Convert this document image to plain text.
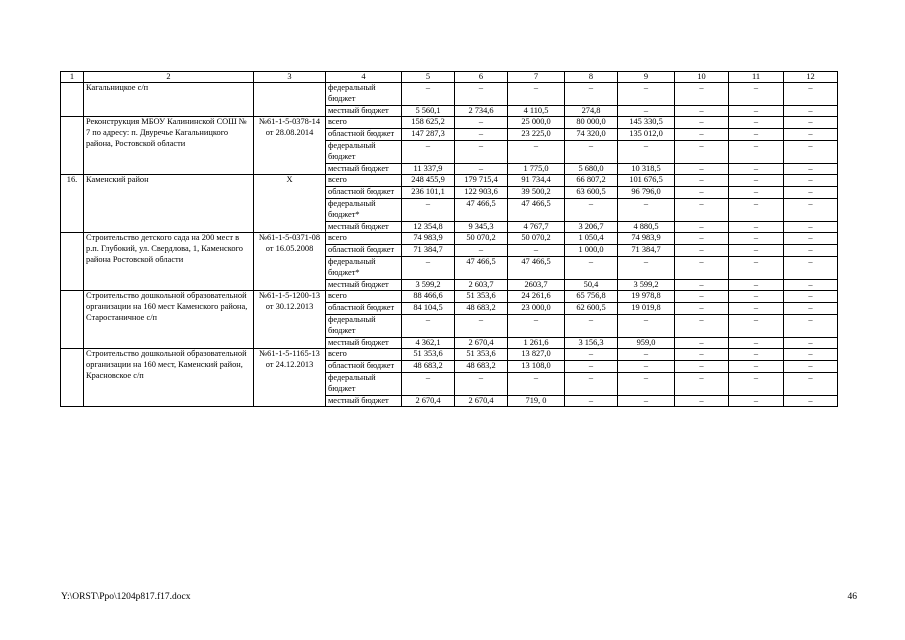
1	2	3	4	5	6	7	8	9	10	11	12
	Кагальницкое с/п		федеральный бюджет	–	–	–	–	–	–	–	–
			местный бюджет	5 560,1	2 734,6	4 110,5	274,8	–	–	–	–
	Реконструкция МБОУ Калининской СОШ № 7 по адресу: п. Двуречье Кагальницкого района, Ростовской области	№61-1-5-0378-14 от 28.08.2014	всего	158 625,2	–	25 000,0	80 000,0	145 330,5	–	–	–
			областной бюджет	147 287,3	–	23 225,0	74 320,0	135 012,0	–	–	–
			федеральный бюджет	–	–	–	–	–	–	–	–
			местный бюджет	11 337,9	–	1 775,0	5 680,0	10 318,5	–	–	–
16.	Каменский район	Х	всего	248 455,9	179 715,4	91 734,4	66 807,2	101 676,5	–	–	–
			областной бюджет	236 101,1	122 903,6	39 500,2	63 600,5	96 796,0	–	–	–
			федеральный бюджет*	–	47 466,5	47 466,5	–	–	–	–	–
			местный бюджет	12 354,8	9 345,3	4 767,7	3 206,7	4 880,5	–	–	–
	Строительство детского сада на 200 мест в р.п. Глубокий, ул. Свердлова, 1, Каменского района Ростовской области	№61-1-5-0371-08 от 16.05.2008	всего	74 983,9	50 070,2	50 070,2	1 050,4	74 983,9	–	–	–
			областной бюджет	71 384,7	–	–	1 000,0	71 384,7	–	–	–
			федеральный бюджет*	–	47 466,5	47 466,5	–	–	–	–	–
			местный бюджет	3 599,2	2 603,7	2603,7	50,4	3 599,2	–	–	–
	Строительство дошкольной образовательной организации на 160 мест Каменского района, Старостаничное с/п	№61-1-5-1200-13 от 30.12.2013	всего	88 466,6	51 353,6	24 261,6	65 756,8	19 978,8	–	–	–
			областной бюджет	84 104,5	48 683,2	23 000,0	62 600,5	19 019,8	–	–	–
			федеральный бюджет	–	–	–	–	–	–	–	–
			местный бюджет	4 362,1	2 670,4	1 261,6	3 156,3	959,0	–	–	–
	Строительство дошкольной образовательной организации на 160 мест, Каменский район, Красновское с/п	№61-1-5-1165-13 от 24.12.2013	всего	51 353,6	51 353,6	13 827,0	–	–	–	–	–
			областной бюджет	48 683,2	48 683,2	13 108,0	–	–	–	–	–
			федеральный бюджет	–	–	–	–	–	–	–	–
			местный бюджет	2 670,4	2 670,4	719, 0	–	–	–	–	–
Y:\ORST\Ppo\1204p817.f17.docx	46
